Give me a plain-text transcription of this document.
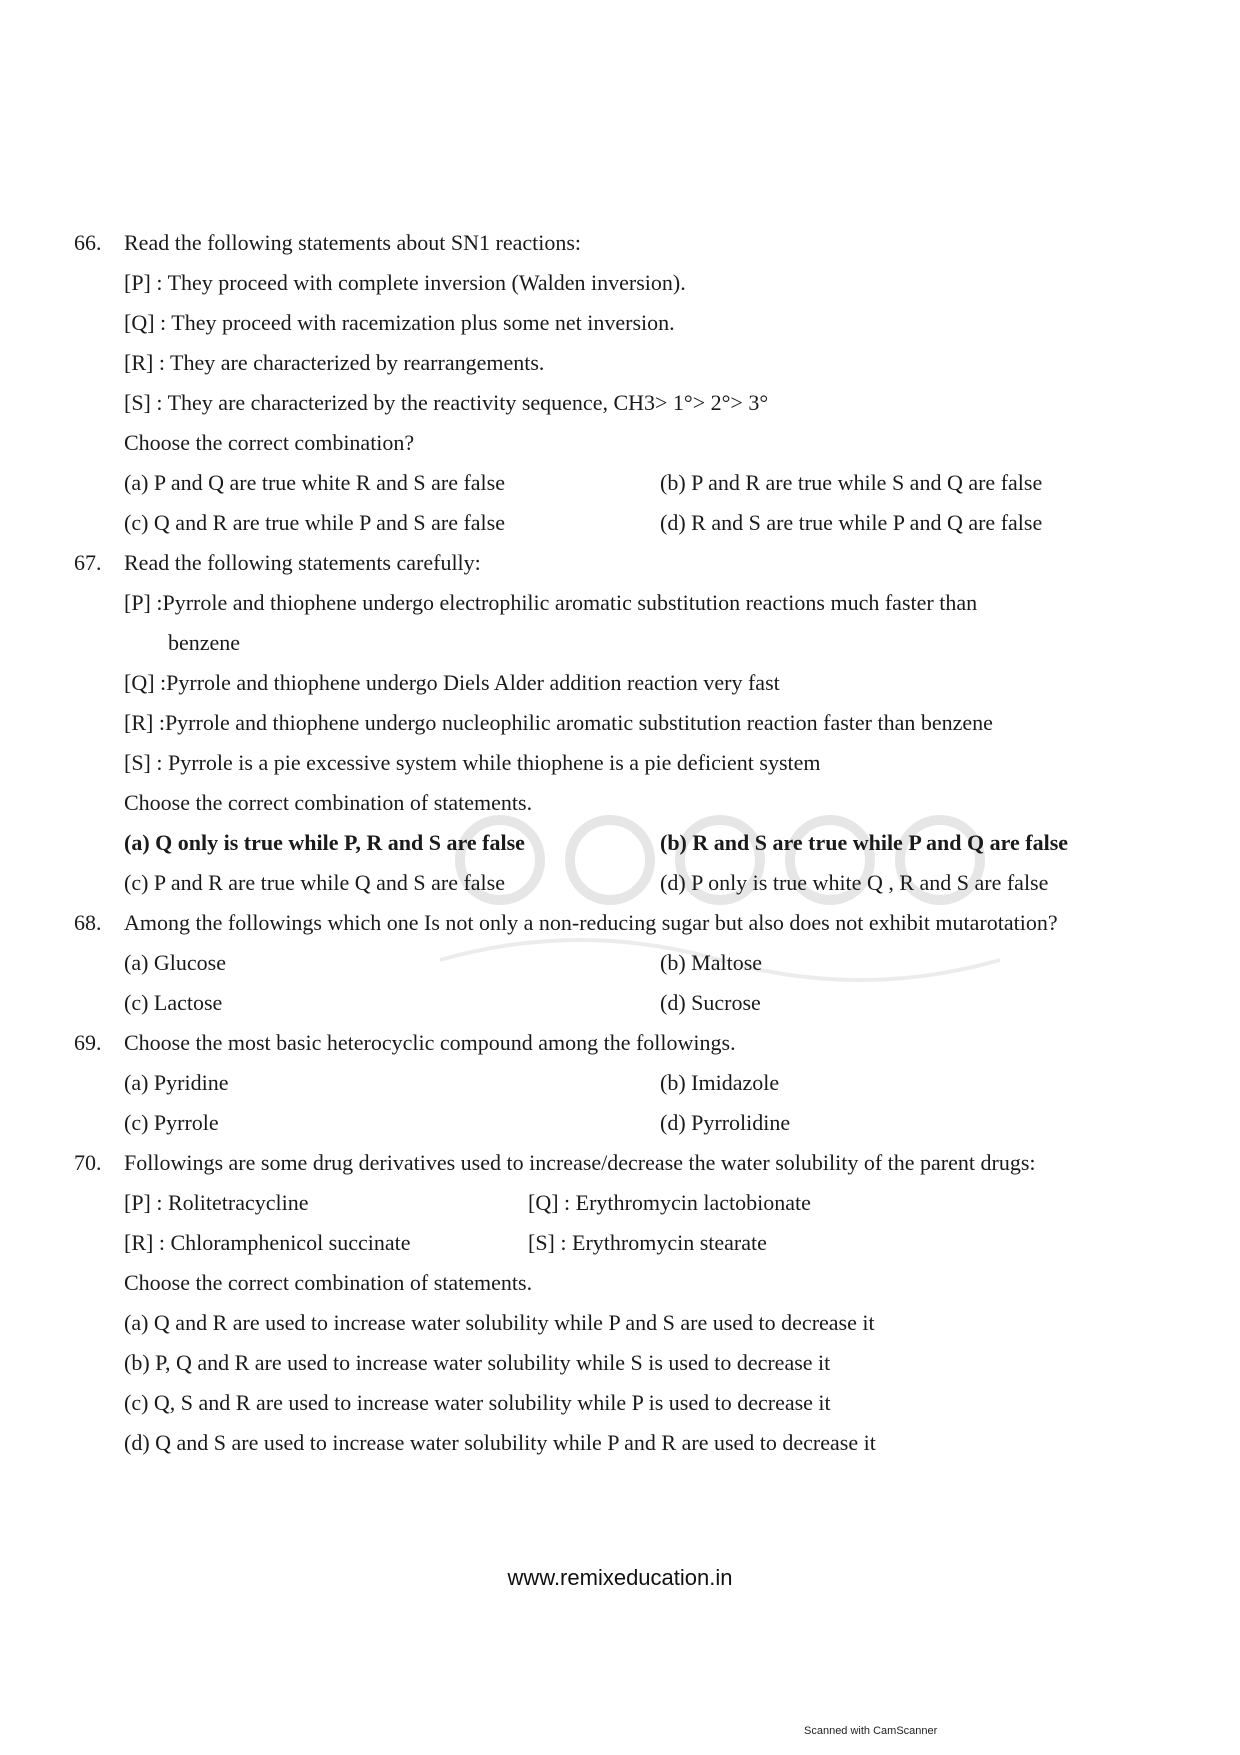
66. Read the following statements about SN1 reactions:
[P] : They proceed with complete inversion (Walden inversion).
[Q] : They proceed with racemization plus some net inversion.
[R] : They are characterized by rearrangements.
[S] : They are characterized by the reactivity sequence, CH3> 1°> 2°> 3°
Choose the correct combination?
(a) P and Q are true white R and S are false	(b) P and R are true while S and Q are false
(c) Q and R are true while P and S are false	(d) R and S are true while P and Q are false
67. Read the following statements carefully:
[P] :Pyrrole and thiophene undergo electrophilic aromatic substitution reactions much faster than
benzene
[Q] :Pyrrole and thiophene undergo Diels Alder addition reaction very fast
[R] :Pyrrole and thiophene undergo nucleophilic aromatic substitution reaction faster than benzene
[S] : Pyrrole is a pie excessive system while thiophene is a pie deficient system
Choose the correct combination of statements.
(a) Q only is true while P, R and S are false	(b) R and S are true while P and Q are false
(c) P and R are true while Q and S are false	(d) P only is true white Q , R and S are false
68. Among the followings which one Is not only a non-reducing sugar but also does not exhibit mutarotation?
(a) Glucose	(b) Maltose
(c) Lactose	(d) Sucrose
69. Choose the most basic heterocyclic compound among the followings.
(a) Pyridine	(b) Imidazole
(c) Pyrrole	(d) Pyrrolidine
70. Followings are some drug derivatives used to increase/decrease the water solubility of the parent drugs:
[P] : Rolitetracycline	[Q] : Erythromycin lactobionate
[R] : Chloramphenicol succinate	[S] : Erythromycin stearate
Choose the correct combination of statements.
(a) Q and R are used to increase water solubility while P and S are used to decrease it
(b) P, Q and R are used to increase water solubility while S is used to decrease it
(c) Q, S and R are used to increase water solubility while P is used to decrease it
(d) Q and S are used to increase water solubility while P and R are used to decrease it
www.remixeducation.in
Scanned with CamScanner
